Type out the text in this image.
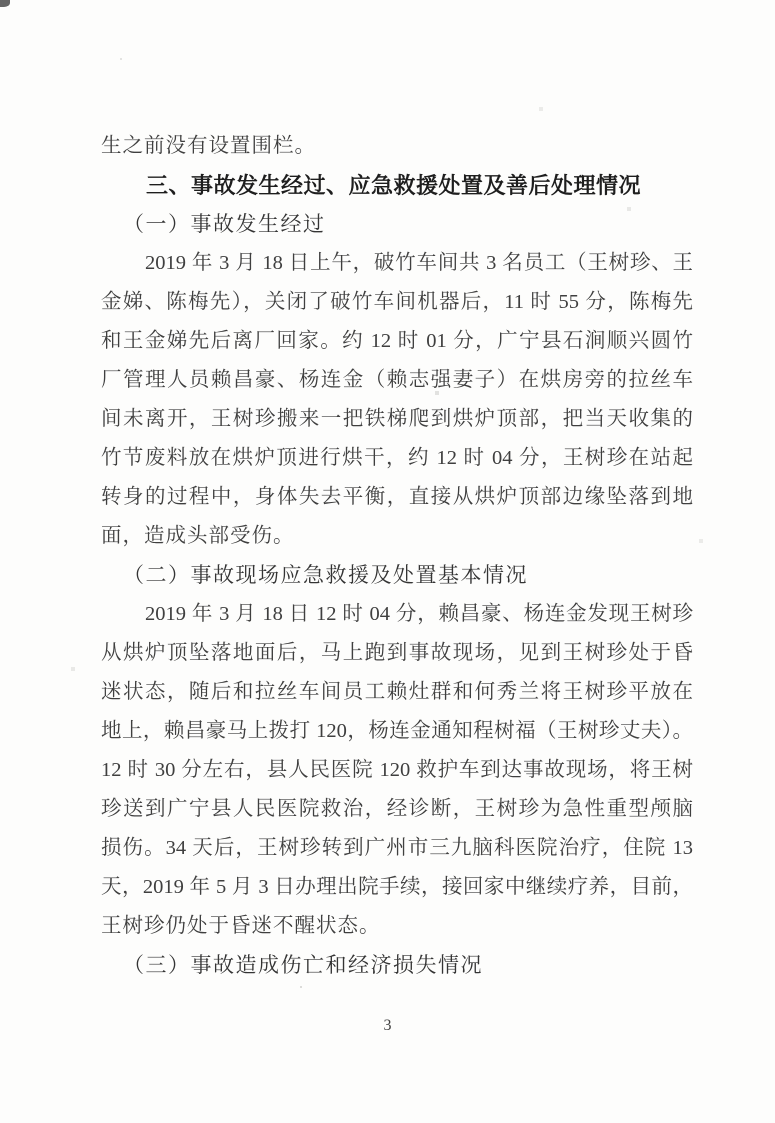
生之前没有设置围栏。
三、事故发生经过、应急救援处置及善后处理情况
（一）事故发生经过
2019 年 3 月 18 日上午，破竹车间共 3 名员工（王树珍、王
金娣、陈梅先），关闭了破竹车间机器后，11 时 55 分，陈梅先
和王金娣先后离厂回家。约 12 时 01 分，广宁县石涧顺兴圆竹
厂管理人员赖昌豪、杨连金（赖志强妻子）在烘房旁的拉丝车
间未离开，王树珍搬来一把铁梯爬到烘炉顶部，把当天收集的
竹节废料放在烘炉顶进行烘干，约 12 时 04 分，王树珍在站起
转身的过程中，身体失去平衡，直接从烘炉顶部边缘坠落到地
面，造成头部受伤。
（二）事故现场应急救援及处置基本情况
2019 年 3 月 18 日 12 时 04 分，赖昌豪、杨连金发现王树珍
从烘炉顶坠落地面后，马上跑到事故现场，见到王树珍处于昏
迷状态，随后和拉丝车间员工赖灶群和何秀兰将王树珍平放在
地上，赖昌豪马上拨打 120，杨连金通知程树福（王树珍丈夫）。
12 时 30 分左右，县人民医院 120 救护车到达事故现场，将王树
珍送到广宁县人民医院救治，经诊断，王树珍为急性重型颅脑
损伤。34 天后，王树珍转到广州市三九脑科医院治疗，住院 13
天，2019 年 5 月 3 日办理出院手续，接回家中继续疗养，目前，
王树珍仍处于昏迷不醒状态。
（三）事故造成伤亡和经济损失情况
3
